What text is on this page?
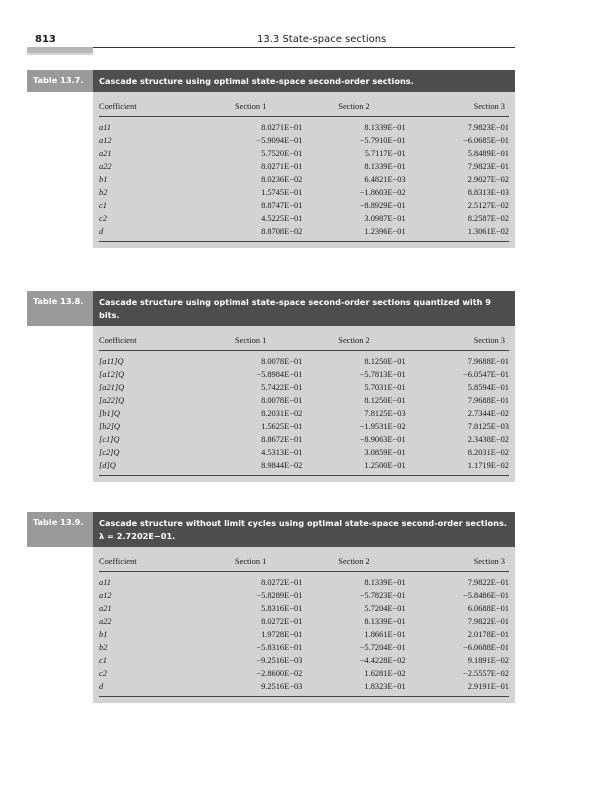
813	13.3 State-space sections
Table 13.7.	Cascade structure using optimal state-space second-order sections.
Coefficient	Section 1	Section 2	Section 3
a11	8.0271E−01	8.1339E−01	7.9823E−01
a12	−5.9094E−01	−5.7910E−01	−6.0685E−01
a21	5.7520E−01	5.7117E−01	5.8489E−01
a22	8.0271E−01	8.1339E−01	7.9823E−01
b1	8.0236E−02	6.4821E−03	2.9027E−02
b2	1.5745E−01	−1.8603E−02	8.8313E−03
c1	8.8747E−01	−8.8929E−01	2.5127E−02
c2	4.5225E−01	3.0987E−01	8.2587E−02
d	8.8708E−02	1.2396E−01	1.3061E−02
Table 13.8.	Cascade structure using optimal state-space second-order sections quantized with 9 bits.
Coefficient	Section 1	Section 2	Section 3
[a11]Q	8.0078E−01	8.1250E−01	7.9688E−01
[a12]Q	−5.8984E−01	−5.7813E−01	−6.0547E−01
[a21]Q	5.7422E−01	5.7031E−01	5.8594E−01
[a22]Q	8.0078E−01	8.1250E−01	7.9688E−01
[b1]Q	8.2031E−02	7.8125E−03	2.7344E−02
[b2]Q	1.5625E−01	−1.9531E−02	7.8125E−03
[c1]Q	8.8672E−01	−8.9063E−01	2.3438E−02
[c2]Q	4.5313E−01	3.0859E−01	8.2031E−02
[d]Q	8.9844E−02	1.2500E−01	1.1719E−02
Table 13.9.	Cascade structure without limit cycles using optimal state-space second-order sections.
λ = 2.7202E−01.
Coefficient	Section 1	Section 2	Section 3
a11	8.0272E−01	8.1339E−01	7.9822E−01
a12	−5.8289E−01	−5.7823E−01	−5.8486E−01
a21	5.8316E−01	5.7204E−01	6.0688E−01
a22	8.0272E−01	8.1339E−01	7.9822E−01
b1	1.9728E−01	1.8661E−01	2.0178E−01
b2	−5.8316E−01	−5.7204E−01	−6.0688E−01
c1	−9.2516E−03	−4.4228E−02	9.1891E−02
c2	−2.8600E−02	1.6281E−02	−2.5557E−02
d	9.2516E−03	1.8323E−01	2.9191E−01
